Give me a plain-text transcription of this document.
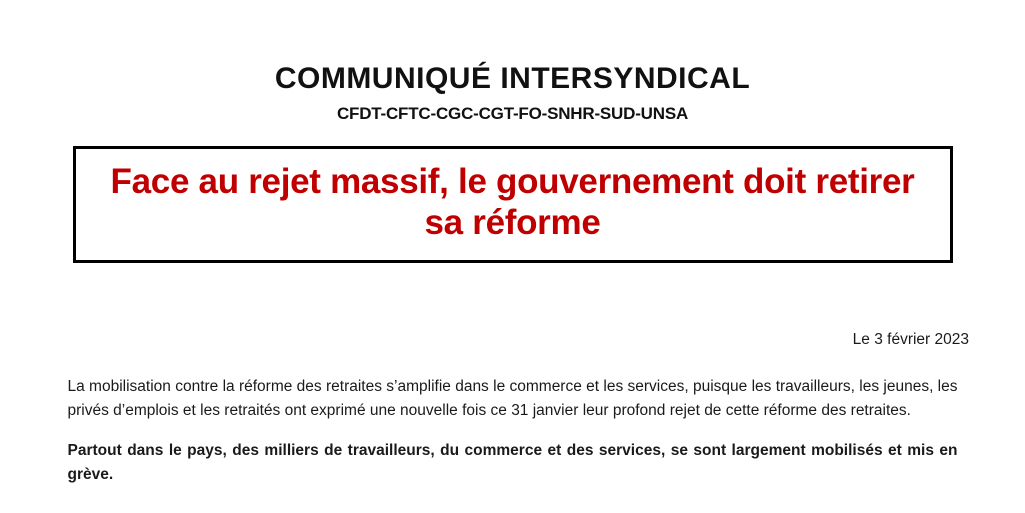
COMMUNIQUÉ INTERSYNDICAL
CFDT-CFTC-CGC-CGT-FO-SNHR-SUD-UNSA
Face au rejet massif, le gouvernement doit retirer sa réforme
Le 3 février 2023

La mobilisation contre la réforme des retraites s’amplifie dans le commerce et les services, puisque les travailleurs, les jeunes, les privés d’emplois et les retraités ont exprimé une nouvelle fois ce 31 janvier leur profond rejet de cette réforme des retraites.

Partout dans le pays, des milliers de travailleurs, du commerce et des services, se sont largement mobilisés et mis en grève.
